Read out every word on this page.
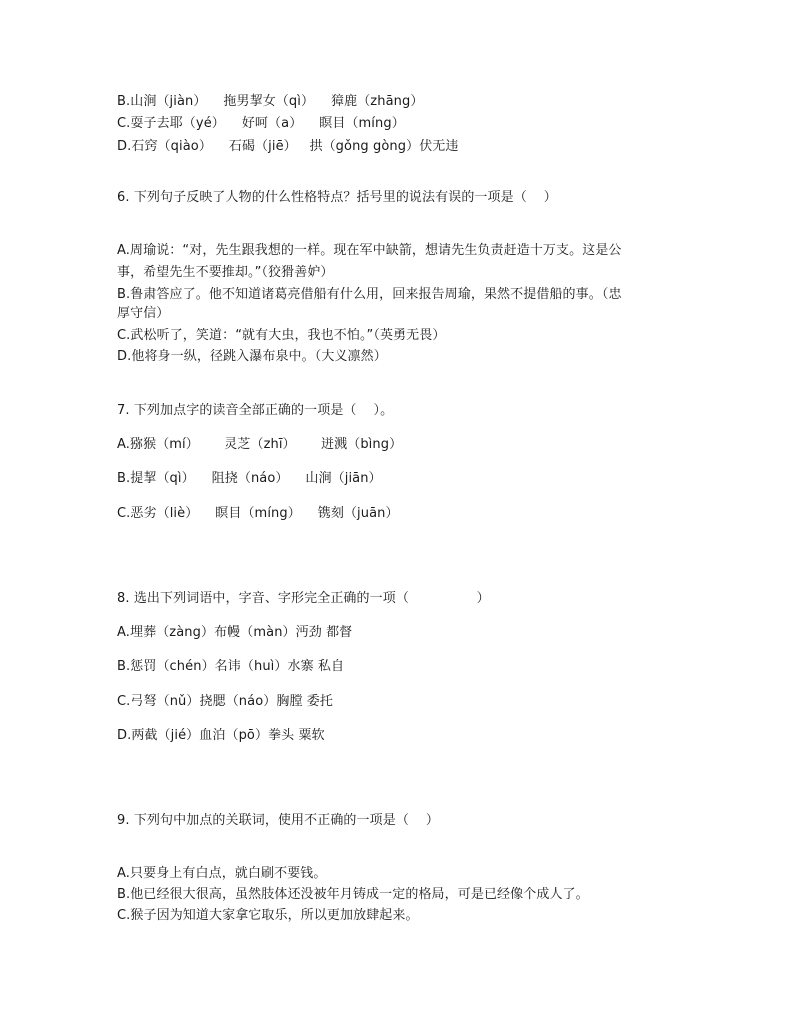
B.山涧（jiàn）    拖男挈女（qì）    獐鹿（zhāng）
C.耍子去耶（yé）    好呵（a）    瞑目（míng）
D.石窍（qiào）    石碣（jiē）   拱（gǒng gòng）伏无违
6. 下列句子反映了人物的什么性格特点？括号里的说法有误的一项是（    ）
A.周瑜说：“对，先生跟我想的一样。现在军中缺箭，想请先生负责赶造十万支。这是公
事，希望先生不要推却。”（狡猾善妒）
B.鲁肃答应了。他不知道诸葛亮借船有什么用，回来报告周瑜，果然不提借船的事。（忠
厚守信）
C.武松听了，笑道：“就有大虫，我也不怕。”（英勇无畏）
D.他将身一纵，径跳入瀑布泉中。（大义凛然）
7. 下列加点字的读音全部正确的一项是（    ）。
A.猕猴（mí）      灵芝（zhī）      迸溅（bìng）
B.提挈（qì）    阻挠（náo）    山涧（jiān）
C.恶劣（liè）    瞑目（míng）    镌刻（juān）
8. 选出下列词语中，字音、字形完全正确的一项（                ）
A.埋葬（zàng）布幔（màn）沔劲 都督
B.惩罚（chén）名讳（huì）水寨 私自
C.弓弩（nǔ）挠腮（náo）胸膛 委托
D.两截（jié）血泊（pō）拳头 粟软
9. 下列句中加点的关联词，使用不正确的一项是（    ）
A.只要身上有白点，就白刷不要钱。
B.他已经很大很高，虽然肢体还没被年月铸成一定的格局，可是已经像个成人了。
C.猴子因为知道大家拿它取乐，所以更加放肆起来。
